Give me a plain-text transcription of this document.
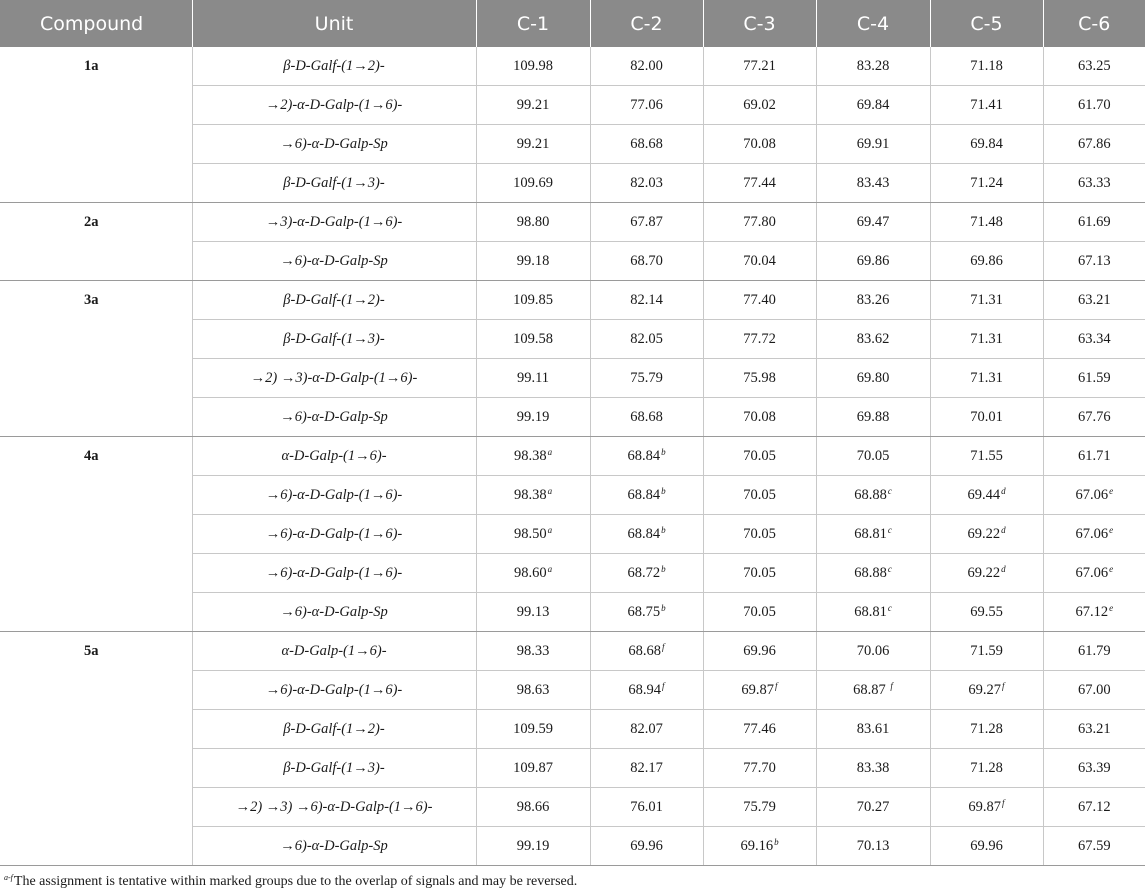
Compound	Unit	C-1	C-2	C-3	C-4	C-5	C-6
1a	β-D-Galf-(1→2)-	109.98	82.00	77.21	83.28	71.18	63.25
	→2)-α-D-Galp-(1→6)-	99.21	77.06	69.02	69.84	71.41	61.70
	→6)-α-D-Galp-Sp	99.21	68.68	70.08	69.91	69.84	67.86
	β-D-Galf-(1→3)-	109.69	82.03	77.44	83.43	71.24	63.33
2a	→3)-α-D-Galp-(1→6)-	98.80	67.87	77.80	69.47	71.48	61.69
	→6)-α-D-Galp-Sp	99.18	68.70	70.04	69.86	69.86	67.13
3a	β-D-Galf-(1→2)-	109.85	82.14	77.40	83.26	71.31	63.21
	β-D-Galf-(1→3)-	109.58	82.05	77.72	83.62	71.31	63.34
	→2) →3)-α-D-Galp-(1→6)-	99.11	75.79	75.98	69.80	71.31	61.59
	→6)-α-D-Galp-Sp	99.19	68.68	70.08	69.88	70.01	67.76
4a	α-D-Galp-(1→6)-	98.38$^a$	68.84$^b$	70.05	70.05	71.55	61.71
	→6)-α-D-Galp-(1→6)-	98.38$^a$	68.84$^b$	70.05	68.88$^c$	69.44$^d$	67.06e
	→6)-α-D-Galp-(1→6)-	98.50$^a$	68.84$^b$	70.05	68.81$^c$	69.22$^d$	67.06e
	→6)-α-D-Galp-(1→6)-	98.60$^a$	68.72$^b$	70.05	68.88$^c$	69.22$^d$	67.06e
	→6)-α-D-Galp-Sp	99.13	68.75$^b$	70.05	68.81$^c$	69.55	67.12e
5a	α-D-Galp-(1→6)-	98.33	68.68$^f$	69.96	70.06	71.59	61.79
	→6)-α-D-Galp-(1→6)-	98.63	68.94$^f$	69.87$^f$	68.87 $^f$	69.27$^f$	67.00
	β-D-Galf-(1→2)-	109.59	82.07	77.46	83.61	71.28	63.21
	β-D-Galf-(1→3)-	109.87	82.17	77.70	83.38	71.28	63.39
	→2) →3) →6)-α-D-Galp-(1→6)-	98.66	76.01	75.79	70.27	69.87$^f$	67.12
	→6)-α-D-Galp-Sp	99.19	69.96	69.16$^b$	70.13	69.96	67.59
$^{a-f}$The assignment is tentative within marked groups due to the overlap of signals and may be reversed.
